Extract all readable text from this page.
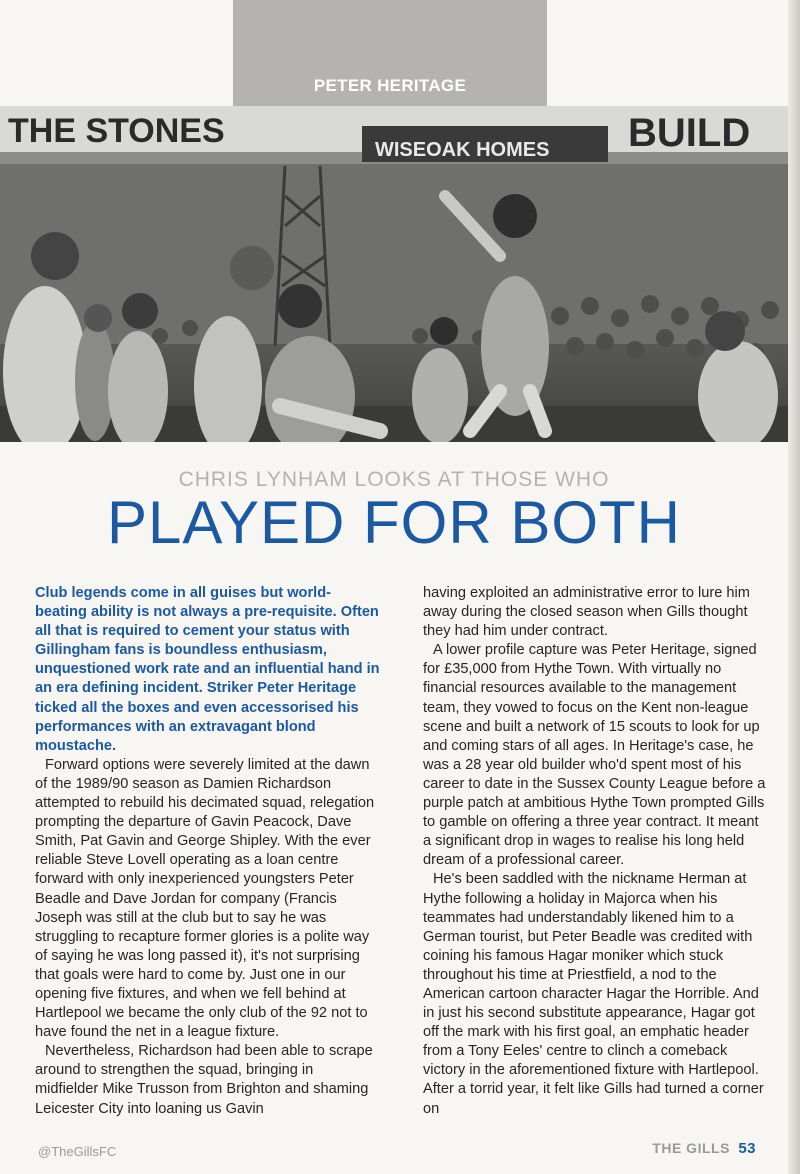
PETER HERITAGE
THE STONES	WISEOAK HOMES BUILD
CHRIS LYNHAM LOOKS AT THOSE WHO
PLAYED FOR BOTH

Club legends come in all guises but world-beating ability is not always a pre-requisite. Often all that is required to cement your status with Gillingham fans is boundless enthusiasm, unquestioned work rate and an influential hand in an era defining incident. Striker Peter Heritage ticked all the boxes and even accessorised his performances with an extravagant blond moustache.

Forward options were severely limited at the dawn of the 1989/90 season as Damien Richardson attempted to rebuild his decimated squad, relegation prompting the departure of Gavin Peacock, Dave Smith, Pat Gavin and George Shipley. With the ever reliable Steve Lovell operating as a loan centre forward with only inexperienced youngsters Peter Beadle and Dave Jordan for company (Francis Joseph was still at the club but to say he was struggling to recapture former glories is a polite way of saying he was long passed it), it's not surprising that goals were hard to come by. Just one in our opening five fixtures, and when we fell behind at Hartlepool we became the only club of the 92 not to have found the net in a league fixture.

Nevertheless, Richardson had been able to scrape around to strengthen the squad, bringing in midfielder Mike Trusson from Brighton and shaming Leicester City into loaning us Gavin

having exploited an administrative error to lure him away during the closed season when Gills thought they had him under contract.

A lower profile capture was Peter Heritage, signed for £35,000 from Hythe Town. With virtually no financial resources available to the management team, they vowed to focus on the Kent non-league scene and built a network of 15 scouts to look for up and coming stars of all ages. In Heritage's case, he was a 28 year old builder who'd spent most of his career to date in the Sussex County League before a purple patch at ambitious Hythe Town prompted Gills to gamble on offering a three year contract. It meant a significant drop in wages to realise his long held dream of a professional career.

He's been saddled with the nickname Herman at Hythe following a holiday in Majorca when his teammates had understandably likened him to a German tourist, but Peter Beadle was credited with coining his famous Hagar moniker which stuck throughout his time at Priestfield, a nod to the American cartoon character Hagar the Horrible. And in just his second substitute appearance, Hagar got off the mark with his first goal, an emphatic header from a Tony Eeles' centre to clinch a comeback victory in the aforementioned fixture with Hartlepool. After a torrid year, it felt like Gills had turned a corner on

@TheGillsFC	THE GILLS 53
